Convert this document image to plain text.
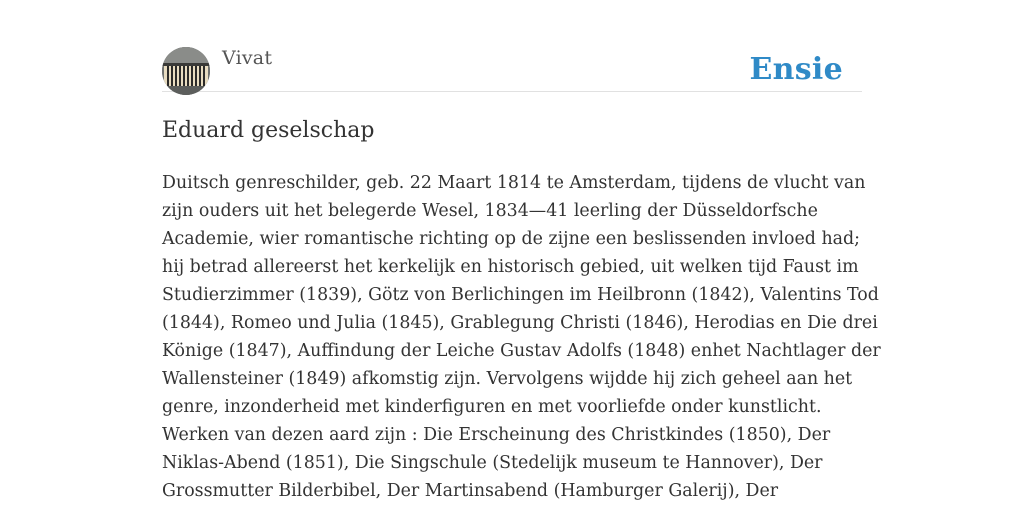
Vivat	Ensie
Eduard geselschap

Duitsch genreschilder, geb. 22 Maart 1814 te Amsterdam, tijdens de vlucht van
zijn ouders uit het belegerde Wesel, 1834—41 leerling der Düsseldorfsche
Academie, wier romantische richting op de zijne een beslissenden invloed had;
hij betrad allereerst het kerkelijk en historisch gebied, uit welken tijd Faust im
Studierzimmer (1839), Götz von Berlichingen im Heilbronn (1842), Valentins Tod
(1844), Romeo und Julia (1845), Grablegung Christi (1846), Herodias en Die drei
Könige (1847), Auffindung der Leiche Gustav Adolfs (1848) enhet Nachtlager der
Wallensteiner (1849) afkomstig zijn. Vervolgens wijdde hij zich geheel aan het
genre, inzonderheid met kinderfiguren en met voorliefde onder kunstlicht.
Werken van dezen aard zijn : Die Erscheinung des Christkindes (1850), Der
Niklas-Abend (1851), Die Singschule (Stedelijk museum te Hannover), Der
Grossmutter Bilderbibel, Der Martinsabend (Hamburger Galerij), Der
